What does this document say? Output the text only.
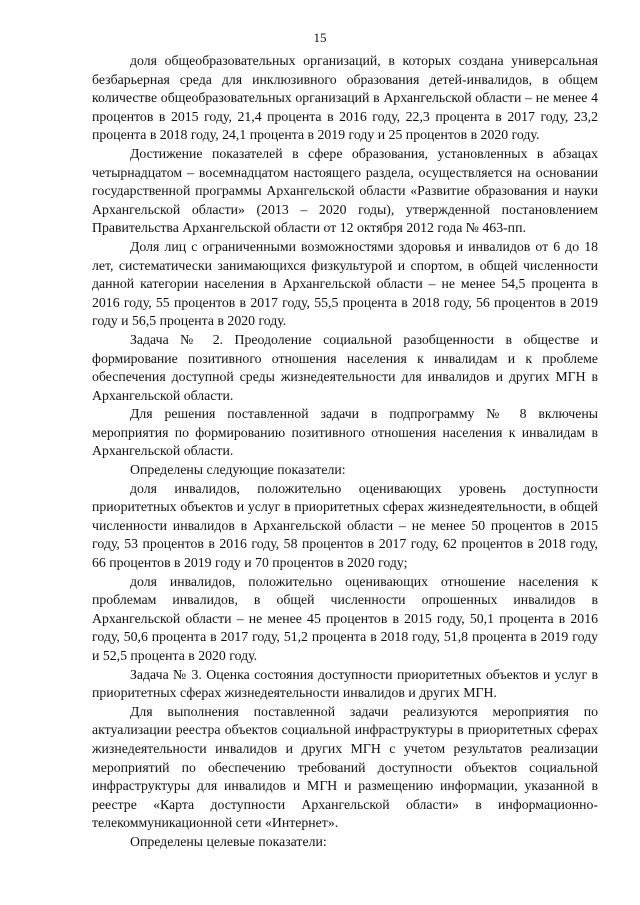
15

доля общеобразовательных организаций, в которых создана универсальная безбарьерная среда для инклюзивного образования детей-инвалидов, в общем количестве общеобразовательных организаций в Архангельской области – не менее 4 процентов в 2015 году, 21,4 процента в 2016 году, 22,3 процента в 2017 году, 23,2 процента в 2018 году, 24,1 процента в 2019 году и 25 процентов в 2020 году.

Достижение показателей в сфере образования, установленных в абзацах четырнадцатом – восемнадцатом настоящего раздела, осуществляется на основании государственной программы Архангельской области «Развитие образования и науки Архангельской области» (2013 – 2020 годы), утвержденной постановлением Правительства Архангельской области от 12 октября 2012 года № 463-пп.

Доля лиц с ограниченными возможностями здоровья и инвалидов от 6 до 18 лет, систематически занимающихся физкультурой и спортом, в общей численности данной категории населения в Архангельской области – не менее 54,5 процента в 2016 году, 55 процентов в 2017 году, 55,5 процента в 2018 году, 56 процентов в 2019 году и 56,5 процента в 2020 году.

Задача № 2. Преодоление социальной разобщенности в обществе и формирование позитивного отношения населения к инвалидам и к проблеме обеспечения доступной среды жизнедеятельности для инвалидов и других МГН в Архангельской области.

Для решения поставленной задачи в подпрограмму № 8 включены мероприятия по формированию позитивного отношения населения к инвалидам в Архангельской области.

Определены следующие показатели:

доля инвалидов, положительно оценивающих уровень доступности приоритетных объектов и услуг в приоритетных сферах жизнедеятельности, в общей численности инвалидов в Архангельской области – не менее 50 процентов в 2015 году, 53 процентов в 2016 году, 58 процентов в 2017 году, 62 процентов в 2018 году, 66 процентов в 2019 году и 70 процентов в 2020 году;

доля инвалидов, положительно оценивающих отношение населения к проблемам инвалидов, в общей численности опрошенных инвалидов в Архангельской области – не менее 45 процентов в 2015 году, 50,1 процента в 2016 году, 50,6 процента в 2017 году, 51,2 процента в 2018 году, 51,8 процента в 2019 году и 52,5 процента в 2020 году.

Задача № 3. Оценка состояния доступности приоритетных объектов и услуг в приоритетных сферах жизнедеятельности инвалидов и других МГН.

Для выполнения поставленной задачи реализуются мероприятия по актуализации реестра объектов социальной инфраструктуры в приоритетных сферах жизнедеятельности инвалидов и других МГН с учетом результатов реализации мероприятий по обеспечению требований доступности объектов социальной инфраструктуры для инвалидов и МГН и размещению информации, указанной в реестре «Карта доступности Архангельской области» в информационно-телекоммуникационной сети «Интернет».

Определены целевые показатели:
